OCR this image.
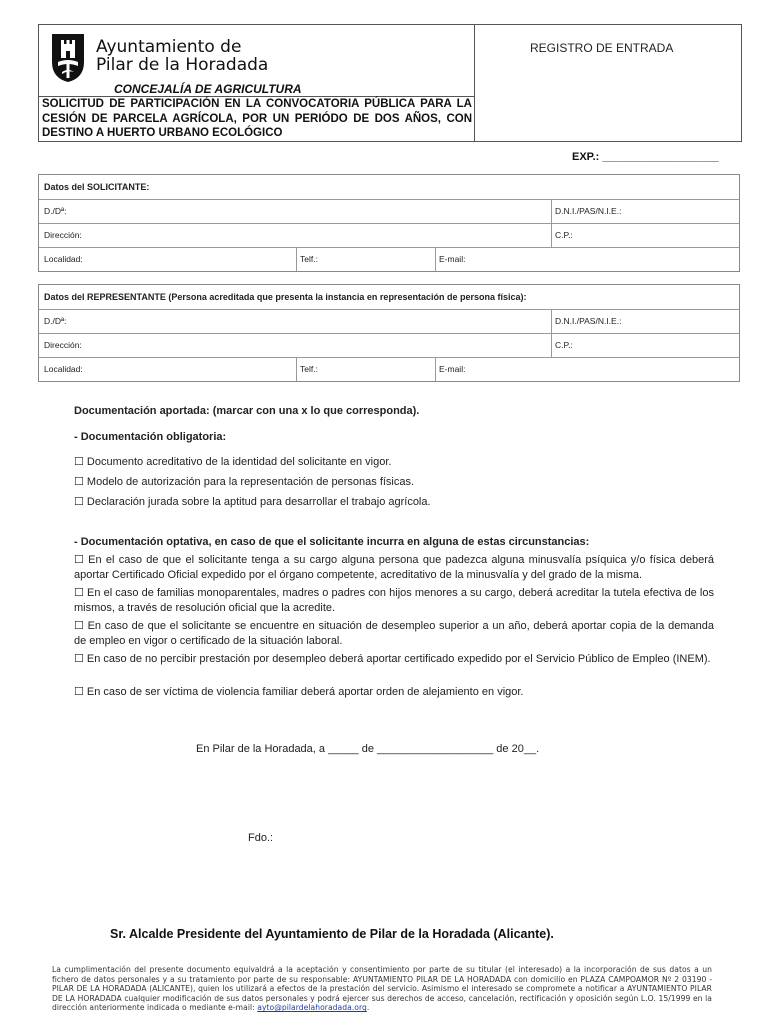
Ayuntamiento de
Pilar de la Horadada
REGISTRO DE ENTRADA
CONCEJALÍA DE AGRICULTURA
SOLICITUD DE PARTICIPACIÓN EN LA CONVOCATORIA PÚBLICA PARA LA CESIÓN DE PARCELA AGRÍCOLA, POR UN PERIÓDO DE DOS AÑOS, CON DESTINO A HUERTO URBANO ECOLÓGICO
EXP.: ___________________
Datos del SOLICITANTE:
D./Dª:	D.N.I./PAS/N.I.E.:
Dirección:	C.P.:
Localidad:	Telf.:	E-mail:
Datos del REPRESENTANTE (Persona acreditada que presenta la instancia en representación de persona física):
D./Dª:	D.N.I./PAS/N.I.E.:
Dirección:	C.P.:
Localidad:	Telf.:	E-mail:
Documentación aportada: (marcar con una x lo que corresponda).
- Documentación obligatoria:
☐ Documento acreditativo de la identidad del solicitante en vigor.
☐ Modelo de autorización para la representación de personas físicas.
☐ Declaración jurada sobre la aptitud para desarrollar el trabajo agrícola.
- Documentación optativa, en caso de que el solicitante incurra en alguna de estas circunstancias:
☐ En el caso de que el solicitante tenga a su cargo alguna persona que padezca alguna minusvalía psíquica y/o física deberá aportar Certificado Oficial expedido por el órgano competente, acreditativo de la minusvalía y del grado de la misma.
☐ En el caso de familias monoparentales, madres o padres con hijos menores a su cargo, deberá acreditar la tutela efectiva de los mismos, a través de resolución oficial que la acredite.
☐ En caso de que el solicitante se encuentre en situación de desempleo superior a un año, deberá aportar copia de la demanda de empleo en vigor o certificado de la situación laboral.
☐ En caso de no percibir prestación por desempleo deberá aportar certificado expedido por el Servicio Público de Empleo (INEM).
☐ En caso de ser víctima de violencia familiar deberá aportar orden de alejamiento en vigor.
En Pilar de la Horadada, a _____ de ___________________ de 20__.
Fdo.:
Sr. Alcalde Presidente del Ayuntamiento de Pilar de la Horadada (Alicante).
La cumplimentación del presente documento equivaldrá a la aceptación y consentimiento por parte de su titular (el interesado) a la incorporación de sus datos a un fichero de datos personales y a su tratamiento por parte de su responsable: AYUNTAMIENTO PILAR DE LA HORADADA con domicilio en PLAZA CAMPOAMOR Nº 2 03190 - PILAR DE LA HORADADA (ALICANTE), quien los utilizará a efectos de la prestación del servicio. Asimismo el interesado se compromete a notificar a AYUNTAMIENTO PILAR DE LA HORADADA cualquier modificación de sus datos personales y podrá ejercer sus derechos de acceso, cancelación, rectificación y oposición según L.O. 15/1999 en la dirección anteriormente indicada o mediante e-mail: ayto@pilardelahoradada.org.
